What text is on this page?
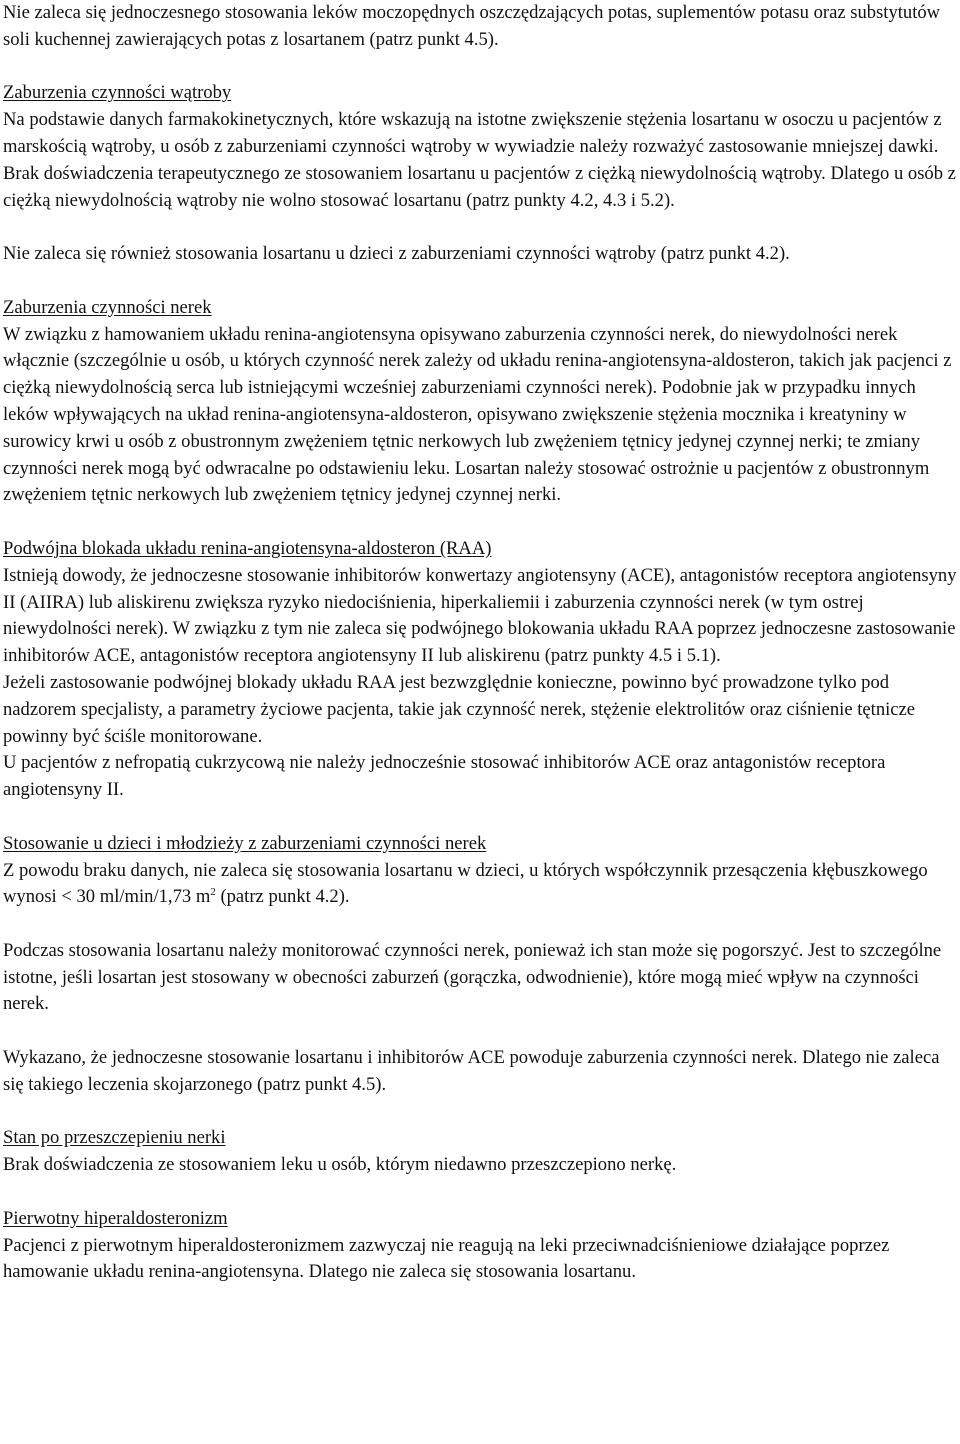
Nie zaleca się jednoczesnego stosowania leków moczopędnych oszczędzających potas, suplementów potasu oraz substytutów soli kuchennej zawierających potas z losartanem (patrz punkt 4.5).

Zaburzenia czynności wątroby

Na podstawie danych farmakokinetycznych, które wskazują na istotne zwiększenie stężenia losartanu w osoczu u pacjentów z marskością wątroby, u osób z zaburzeniami czynności wątroby w wywiadzie należy rozważyć zastosowanie mniejszej dawki. Brak doświadczenia terapeutycznego ze stosowaniem losartanu u pacjentów z ciężką niewydolnością wątroby. Dlatego u osób z ciężką niewydolnością wątroby nie wolno stosować losartanu (patrz punkty 4.2, 4.3 i 5.2).

Nie zaleca się również stosowania losartanu u dzieci z zaburzeniami czynności wątroby (patrz punkt 4.2).

Zaburzenia czynności nerek

W związku z hamowaniem układu renina-angiotensyna opisywano zaburzenia czynności nerek, do niewydolności nerek włącznie (szczególnie u osób, u których czynność nerek zależy od układu renina-angiotensyna-aldosteron, takich jak pacjenci z ciężką niewydolnością serca lub istniejącymi wcześniej zaburzeniami czynności nerek). Podobnie jak w przypadku innych leków wpływających na układ renina-angiotensyna-aldosteron, opisywano zwiększenie stężenia mocznika i kreatyniny w surowicy krwi u osób z obustronnym zwężeniem tętnic nerkowych lub zwężeniem tętnicy jedynej czynnej nerki; te zmiany czynności nerek mogą być odwracalne po odstawieniu leku. Losartan należy stosować ostrożnie u pacjentów z obustronnym zwężeniem tętnic nerkowych lub zwężeniem tętnicy jedynej czynnej nerki.

Podwójna blokada układu renina-angiotensyna-aldosteron (RAA)

Istnieją dowody, że jednoczesne stosowanie inhibitorów konwertazy angiotensyny (ACE), antagonistów receptora angiotensyny II (AIIRA) lub aliskirenu zwiększa ryzyko niedociśnienia, hiperkaliemii i zaburzenia czynności nerek (w tym ostrej niewydolności nerek). W związku z tym nie zaleca się podwójnego blokowania układu RAA poprzez jednoczesne zastosowanie inhibitorów ACE, antagonistów receptora angiotensyny II lub aliskirenu (patrz punkty 4.5 i 5.1).

Jeżeli zastosowanie podwójnej blokady układu RAA jest bezwzględnie konieczne, powinno być prowadzone tylko pod nadzorem specjalisty, a parametry życiowe pacjenta, takie jak czynność nerek, stężenie elektrolitów oraz ciśnienie tętnicze powinny być ściśle monitorowane.

U pacjentów z nefropatią cukrzycową nie należy jednocześnie stosować inhibitorów ACE oraz antagonistów receptora angiotensyny II.

Stosowanie u dzieci i młodzieży z zaburzeniami czynności nerek

Z powodu braku danych, nie zaleca się stosowania losartanu w dzieci, u których współczynnik przesączenia kłębuszkowego wynosi < 30 ml/min/1,73 $m^2$ (patrz punkt 4.2).

Podczas stosowania losartanu należy monitorować czynności nerek, ponieważ ich stan może się pogorszyć. Jest to szczególne istotne, jeśli losartan jest stosowany w obecności zaburzeń (gorączka, odwodnienie), które mogą mieć wpływ na czynności nerek.

Wykazano, że jednoczesne stosowanie losartanu i inhibitorów ACE powoduje zaburzenia czynności nerek. Dlatego nie zaleca się takiego leczenia skojarzonego (patrz punkt 4.5).

Stan po przeszczepieniu nerki

Brak doświadczenia ze stosowaniem leku u osób, którym niedawno przeszczepiono nerkę.

Pierwotny hiperaldosteronizm

Pacjenci z pierwotnym hiperaldosteronizmem zazwyczaj nie reagują na leki przeciwnadciśnieniowe działające poprzez hamowanie układu renina-angiotensyna. Dlatego nie zaleca się stosowania losartanu.
